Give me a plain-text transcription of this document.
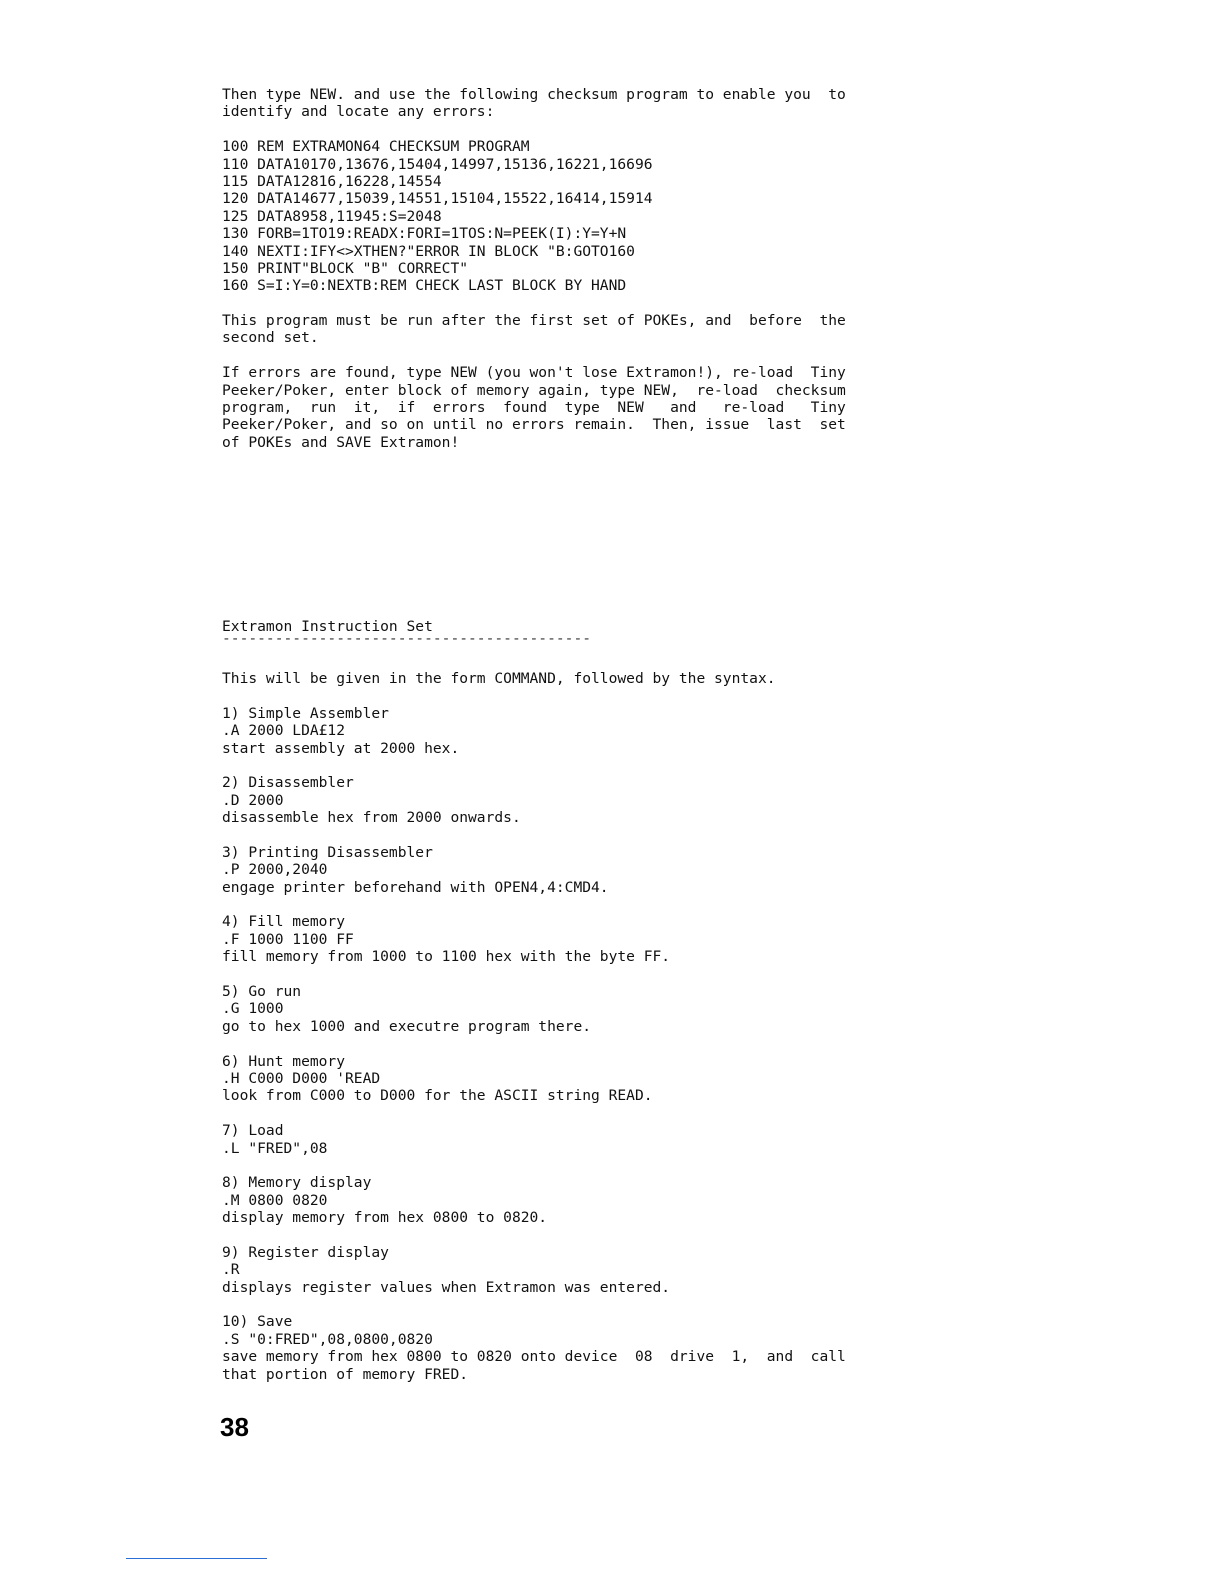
Then type NEW. and use the following checksum program to enable you  to

identify and locate any errors:

100 REM EXTRAMON64 CHECKSUM PROGRAM

110 DATA10170,13676,15404,14997,15136,16221,16696

115 DATA12816,16228,14554

120 DATA14677,15039,14551,15104,15522,16414,15914

125 DATA8958,11945:S=2048

130 FORB=1TO19:READX:FORI=1TOS:N=PEEK(I):Y=Y+N

140 NEXTI:IFY<>XTHEN?"ERROR IN BLOCK "B:GOTO160

150 PRINT"BLOCK "B" CORRECT"

160 S=I:Y=0:NEXTB:REM CHECK LAST BLOCK BY HAND

This program must be run after the first set of POKEs, and  before  the

second set.

If errors are found, type NEW (you won't lose Extramon!), re-load  Tiny

Peeker/Poker, enter block of memory again, type NEW,  re-load  checksum

program,  run  it,  if  errors  found  type  NEW   and   re-load   Tiny

Peeker/Poker, and so on until no errors remain.  Then, issue  last  set

of POKEs and SAVE Extramon!

Extramon Instruction Set

------------------------------------------

This will be given in the form COMMAND, followed by the syntax.

1) Simple Assembler

.A 2000 LDA£12

start assembly at 2000 hex.

2) Disassembler

.D 2000

disassemble hex from 2000 onwards.

3) Printing Disassembler

.P 2000,2040

engage printer beforehand with OPEN4,4:CMD4.

4) Fill memory

.F 1000 1100 FF

fill memory from 1000 to 1100 hex with the byte FF.

5) Go run

.G 1000

go to hex 1000 and executre program there.

6) Hunt memory

.H C000 D000 'READ

look from C000 to D000 for the ASCII string READ.

7) Load

.L "FRED",08

8) Memory display

.M 0800 0820

display memory from hex 0800 to 0820.

9) Register display

.R

displays register values when Extramon was entered.

10) Save

.S "0:FRED",08,0800,0820

save memory from hex 0800 to 0820 onto device  08  drive  1,  and  call

that portion of memory FRED.

38
